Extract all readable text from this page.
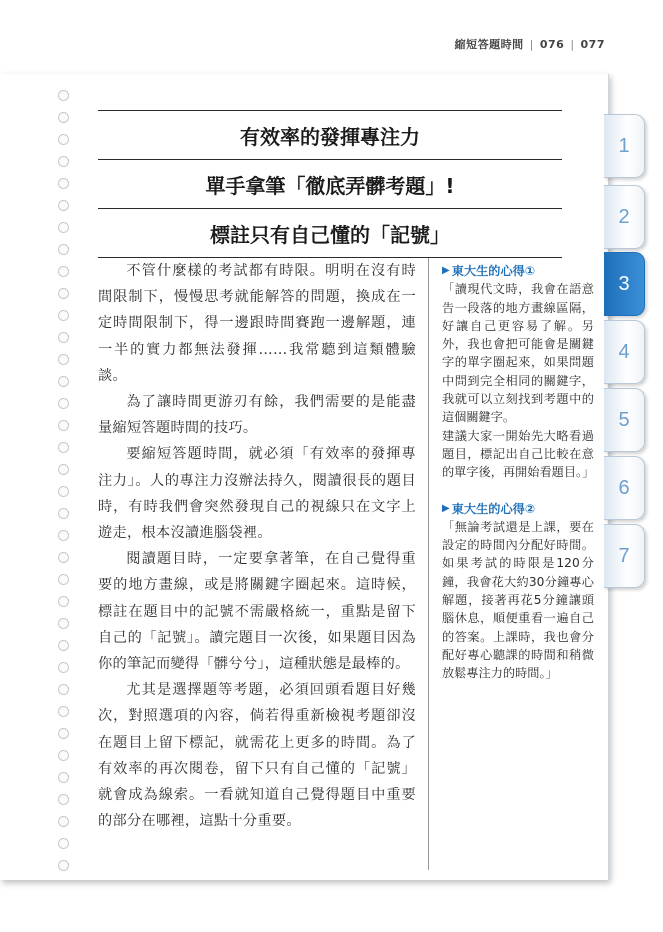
縮短答題時間 | 076 | 077
1
2
3
4
5
6
7
有效率的發揮專注力
單手拿筆「徹底弄髒考題」!
標註只有自己懂的「記號」

不管什麼樣的考試都有時限。明明在沒有時間限制下，慢慢思考就能解答的問題，換成在一定時間限制下，得一邊跟時間賽跑一邊解題，連一半的實力都無法發揮……我常聽到這類體驗談。

為了讓時間更游刃有餘，我們需要的是能盡量縮短答題時間的技巧。

要縮短答題時間，就必須「有效率的發揮專注力」。人的專注力沒辦法持久，閱讀很長的題目時，有時我們會突然發現自己的視線只在文字上遊走，根本沒讀進腦袋裡。

閱讀題目時，一定要拿著筆，在自己覺得重要的地方畫線，或是將關鍵字圈起來。這時候，標註在題目中的記號不需嚴格統一，重點是留下自己的「記號」。讀完題目一次後，如果題目因為你的筆記而變得「髒兮兮」，這種狀態是最棒的。

尤其是選擇題等考題，必須回頭看題目好幾次，對照選項的內容，倘若得重新檢視考題卻沒在題目上留下標記，就需花上更多的時間。為了有效率的再次閱卷，留下只有自己懂的「記號」就會成為線索。一看就知道自己覺得題目中重要的部分在哪裡，這點十分重要。

▶ 東大生的心得①

「讀現代文時，我會在語意告一段落的地方畫線區隔，好讓自己更容易了解。另外，我也會把可能會是關鍵字的單字圈起來，如果問題中問到完全相同的關鍵字，我就可以立刻找到考題中的這個關鍵字。

建議大家一開始先大略看過題目，標記出自己比較在意的單字後，再開始看題目。」

▶ 東大生的心得②

「無論考試還是上課，要在設定的時間內分配好時間。如果考試的時限是120分鐘，我會花大約30分鐘專心解題，接著再花5分鐘讓頭腦休息，順便重看一遍自己的答案。上課時，我也會分配好專心聽課的時間和稍微放鬆專注力的時間。」
